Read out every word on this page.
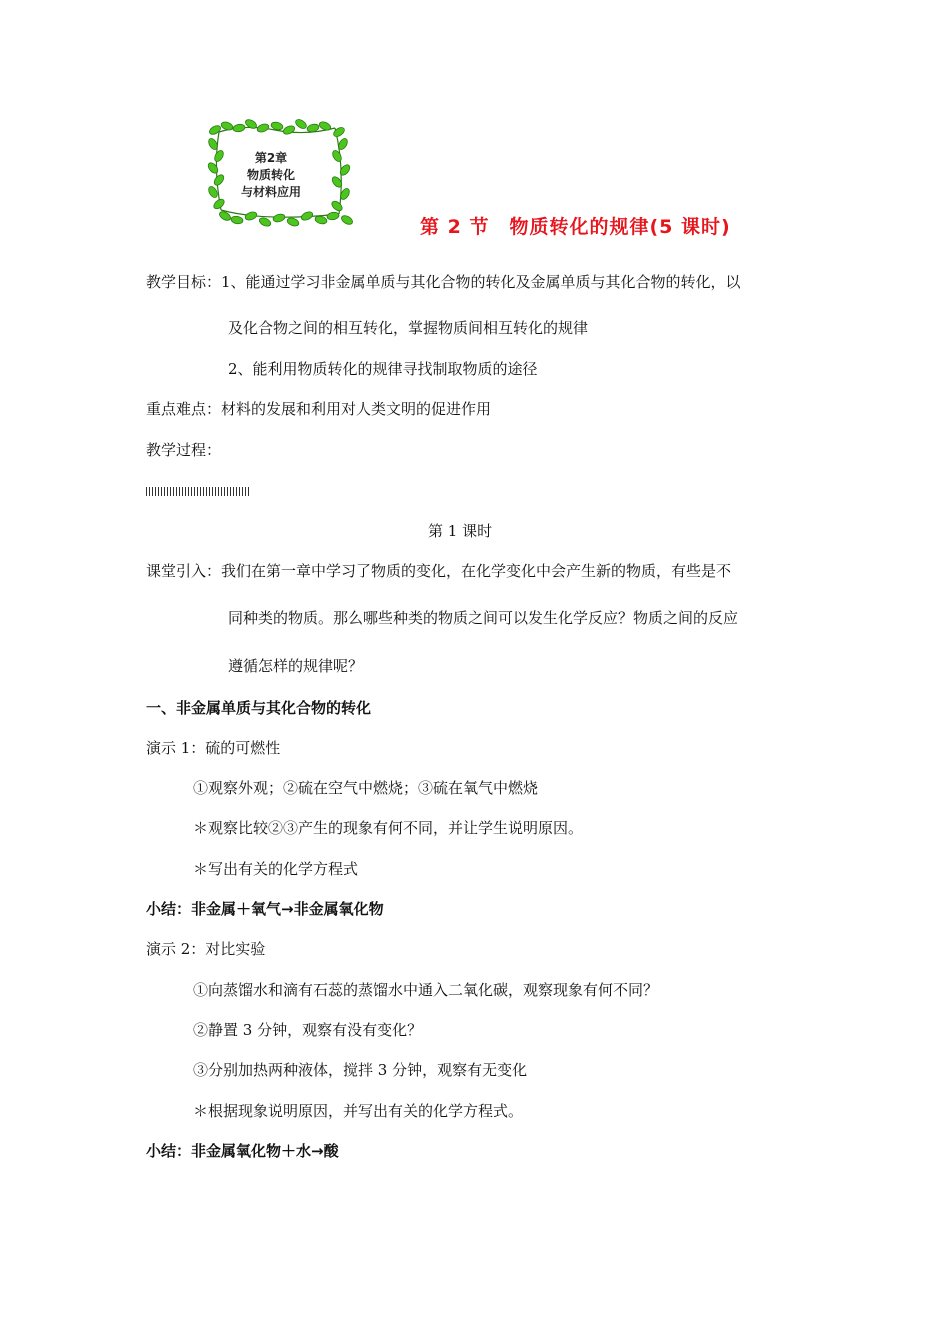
第2章
物质转化
与材料应用
第 2 节　物质转化的规律(5 课时)
教学目标：1、能通过学习非金属单质与其化合物的转化及金属单质与其化合物的转化，以
及化合物之间的相互转化，掌握物质间相互转化的规律
2、能利用物质转化的规律寻找制取物质的途径
重点难点：材料的发展和利用对人类文明的促进作用
教学过程：
第 1 课时
课堂引入：我们在第一章中学习了物质的变化，在化学变化中会产生新的物质，有些是不
同种类的物质。那么哪些种类的物质之间可以发生化学反应？物质之间的反应
遵循怎样的规律呢？
一、非金属单质与其化合物的转化
演示 1：硫的可燃性
①观察外观；②硫在空气中燃烧；③硫在氧气中燃烧
＊观察比较②③产生的现象有何不同，并让学生说明原因。
＊写出有关的化学方程式
小结：非金属＋氧气→非金属氧化物
演示 2：对比实验
①向蒸馏水和滴有石蕊的蒸馏水中通入二氧化碳，观察现象有何不同？
②静置 3 分钟，观察有没有变化？
③分别加热两种液体，搅拌 3 分钟，观察有无变化
＊根据现象说明原因，并写出有关的化学方程式。
小结：非金属氧化物＋水→酸
